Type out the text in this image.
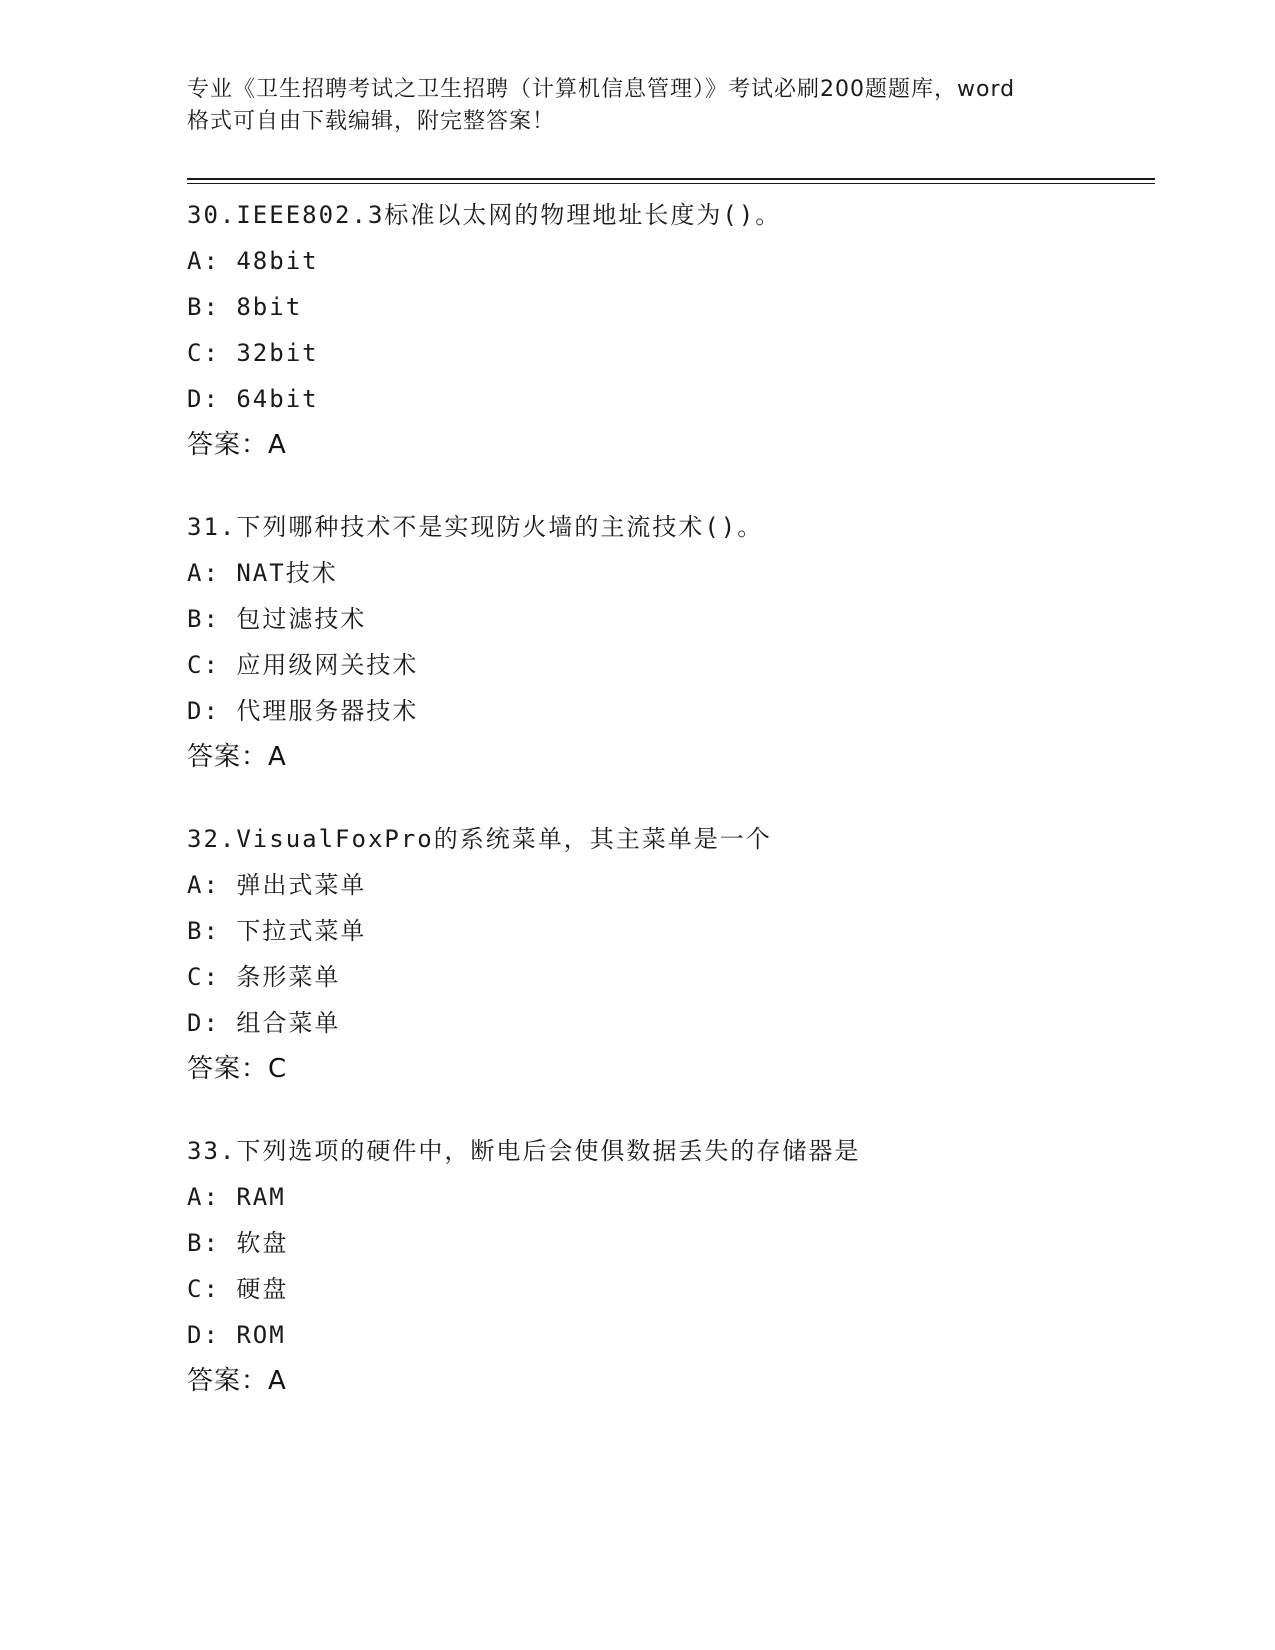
专业《卫生招聘考试之卫生招聘（计算机信息管理）》考试必刷200题题库，word
格式可自由下载编辑，附完整答案！
30.IEEE802.3标准以太网的物理地址长度为()。
A: 48bit
B: 8bit
C: 32bit
D: 64bit
答案：A
31.下列哪种技术不是实现防火墙的主流技术()。
A: NAT技术
B: 包过滤技术
C: 应用级网关技术
D: 代理服务器技术
答案：A
32.VisualFoxPro的系统菜单，其主菜单是一个
A: 弹出式菜单
B: 下拉式菜单
C: 条形菜单
D: 组合菜单
答案：C
33.下列选项的硬件中，断电后会使俱数据丢失的存储器是
A: RAM
B: 软盘
C: 硬盘
D: ROM
答案：A
